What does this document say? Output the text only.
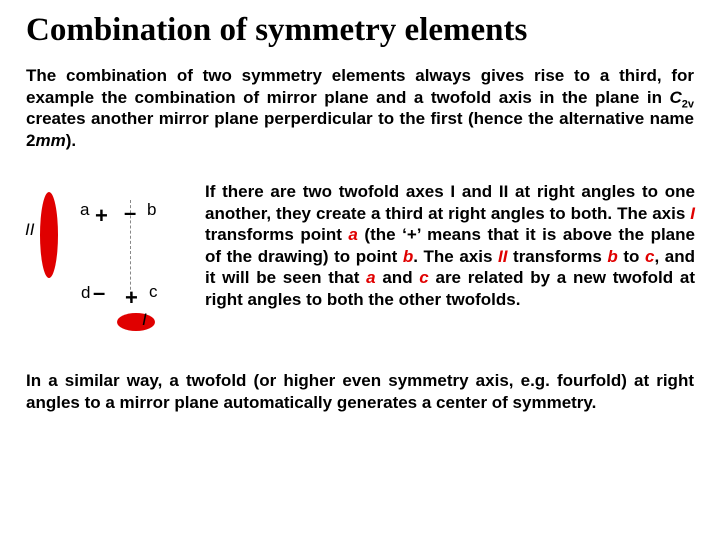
Combination of symmetry elements
The combination of two symmetry elements always gives rise to a third, for example the combination of mirror plane and a twofold axis in the plane in $C_{2v}$ creates another mirror plane perperdicular to the first (hence the alternative name 2mm).
II
a + – b
d – + c
I
If there are two twofold axes I and II at right angles to one another, they create a third at right angles to both. The axis I transforms point a (the ‘+’ means that it is above the plane of the drawing) to point b. The axis II transforms b to c, and it will be seen that a and c are related by a new twofold at right angles to both the other twofolds.
In a similar way, a twofold (or higher even symmetry axis, e.g. fourfold) at right angles to a mirror plane automatically generates a center of symmetry.
